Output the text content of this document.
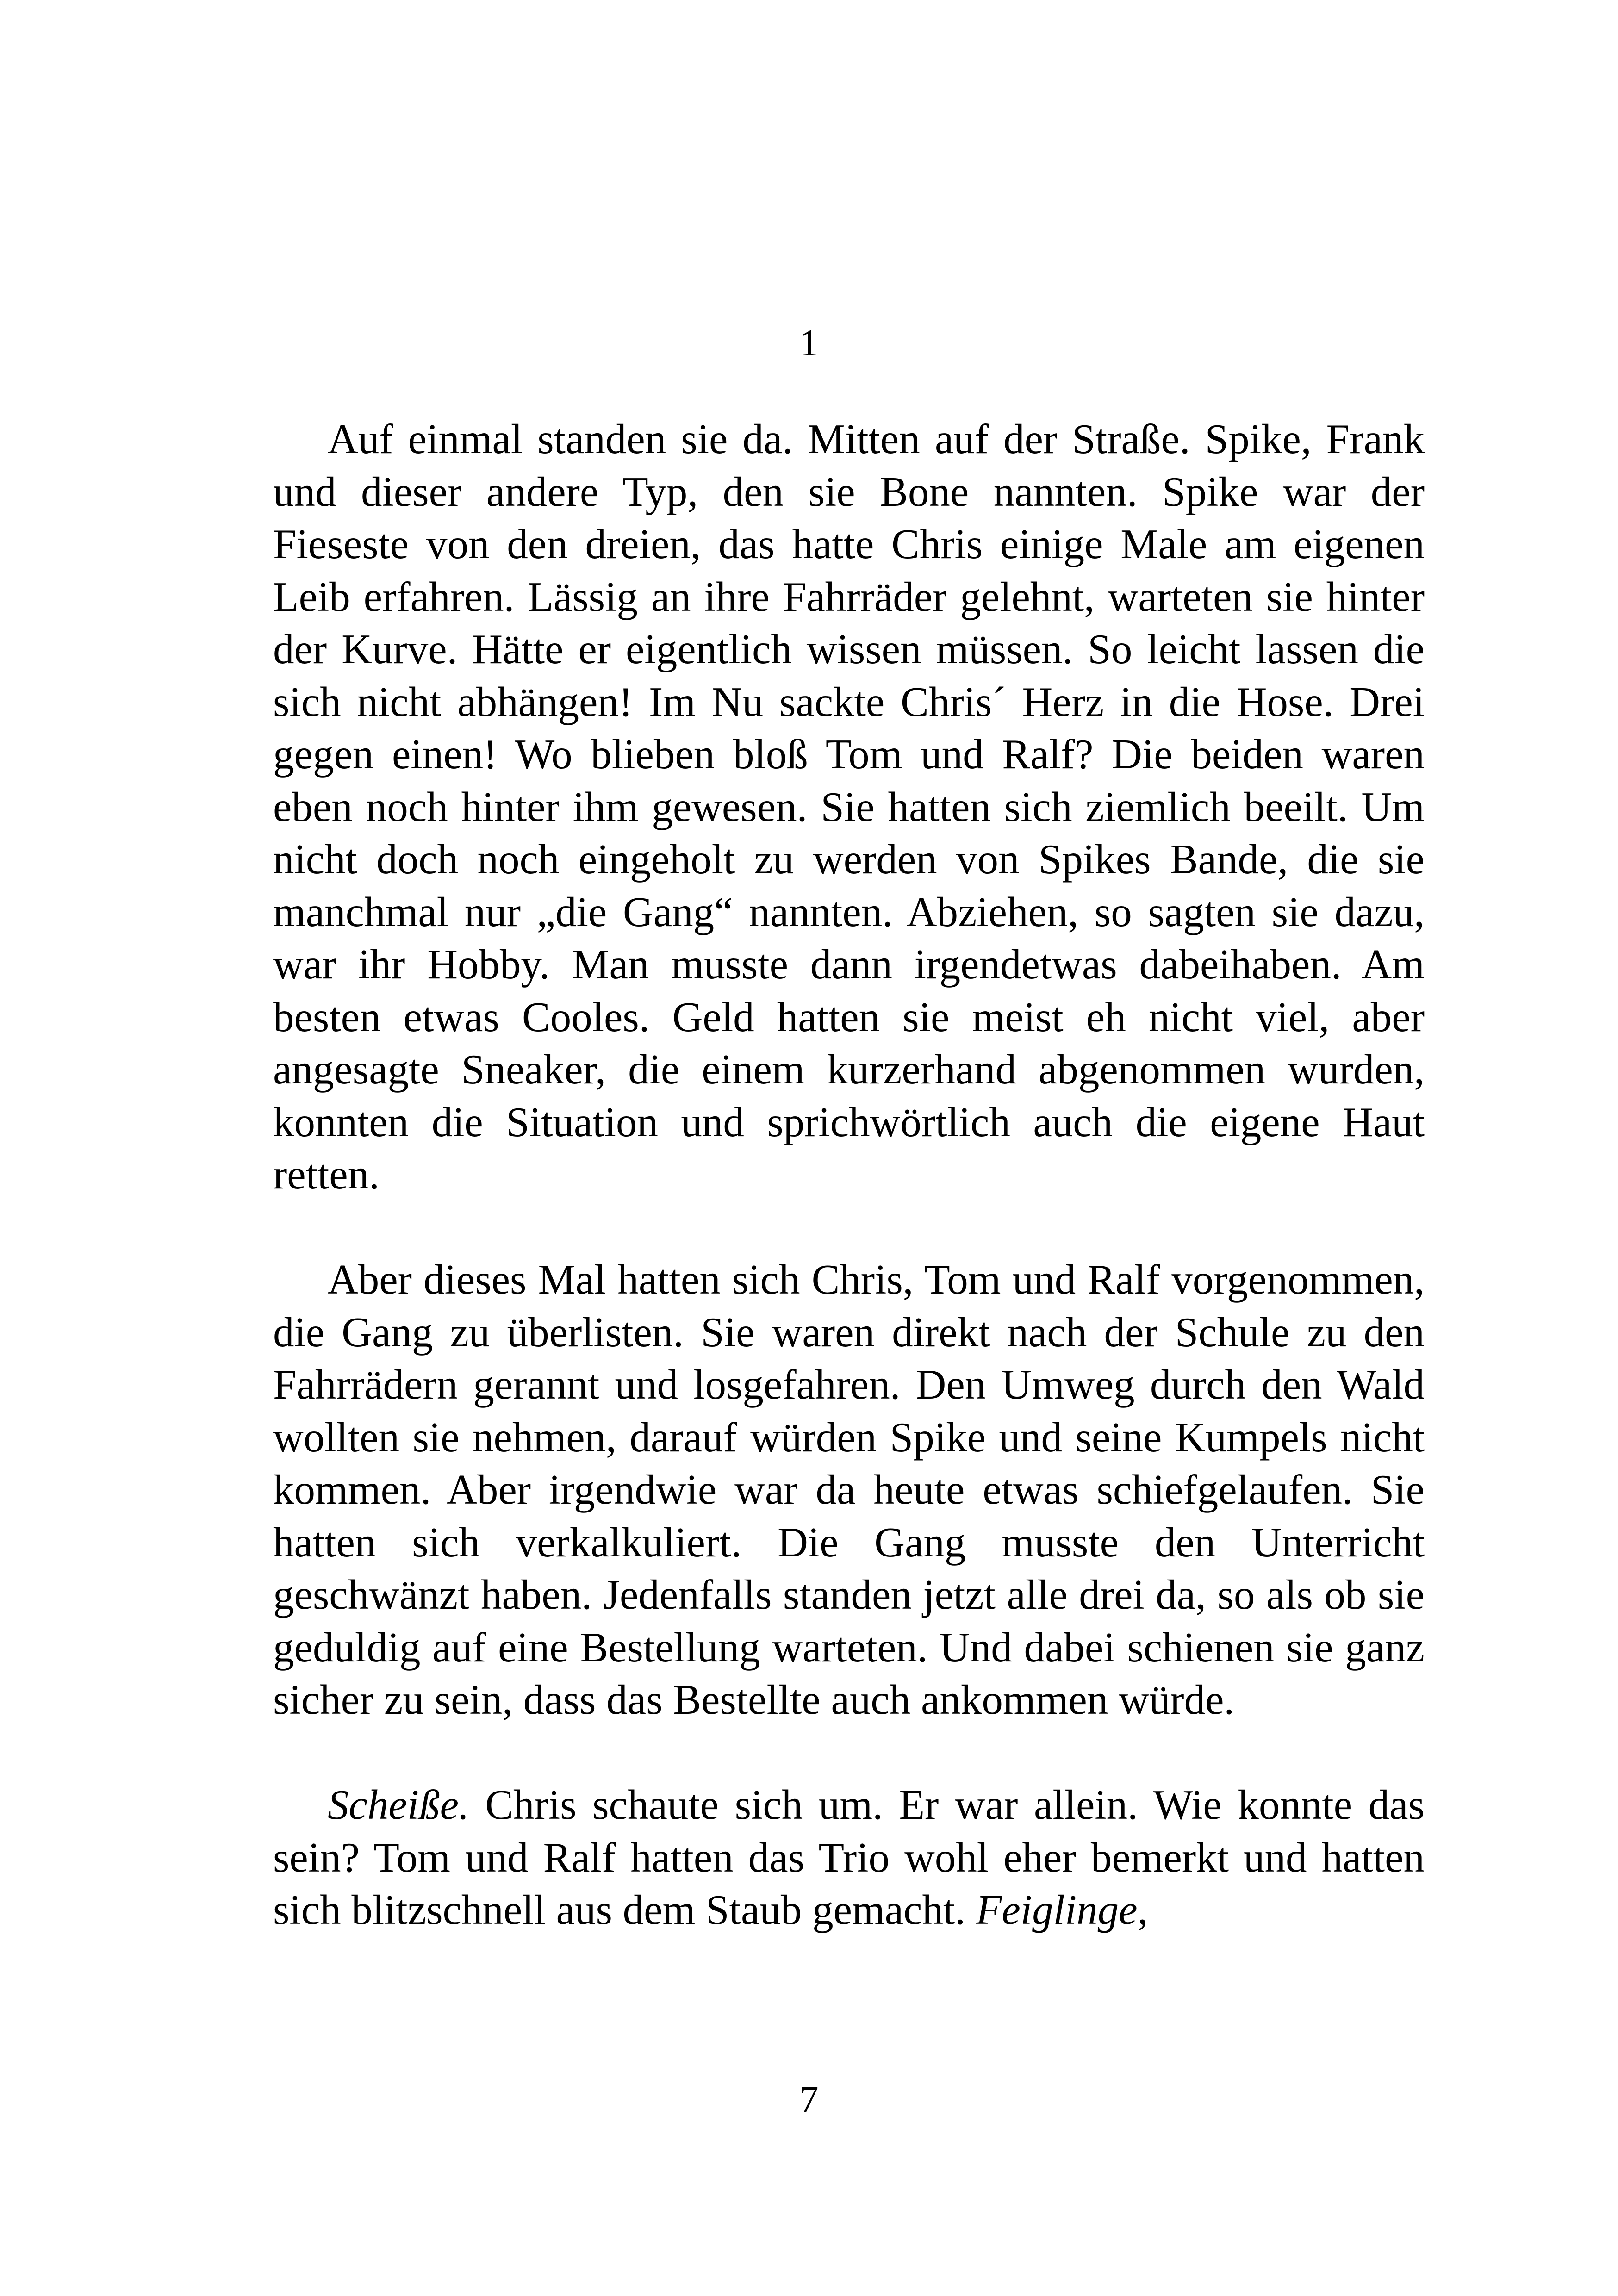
1

Auf einmal standen sie da. Mitten auf der Straße. Spike, Frank und dieser andere Typ, den sie Bone nannten. Spike war der Fieseste von den dreien, das hatte Chris einige Male am eigenen Leib erfahren. Lässig an ihre Fahrräder gelehnt, warteten sie hinter der Kurve. Hätte er eigentlich wissen müssen. So leicht lassen die sich nicht abhängen! Im Nu sackte Chris´ Herz in die Hose. Drei gegen einen! Wo blieben bloß Tom und Ralf? Die beiden waren eben noch hinter ihm gewesen. Sie hatten sich ziemlich beeilt. Um nicht doch noch eingeholt zu werden von Spikes Bande, die sie manchmal nur „die Gang“ nannten. Abziehen, so sagten sie dazu, war ihr Hobby. Man musste dann irgendetwas dabeihaben. Am besten etwas Cooles. Geld hatten sie meist eh nicht viel, aber angesagte Sneaker, die einem kurzerhand abgenommen wurden, konnten die Situation und sprichwörtlich auch die eigene Haut retten.

Aber dieses Mal hatten sich Chris, Tom und Ralf vorgenommen, die Gang zu überlisten. Sie waren direkt nach der Schule zu den Fahrrädern gerannt und losgefahren. Den Umweg durch den Wald wollten sie nehmen, darauf würden Spike und seine Kumpels nicht kommen. Aber irgendwie war da heute etwas schiefgelaufen. Sie hatten sich verkalkuliert. Die Gang musste den Unterricht geschwänzt haben. Jedenfalls standen jetzt alle drei da, so als ob sie geduldig auf eine Bestellung warteten. Und dabei schienen sie ganz sicher zu sein, dass das Bestellte auch ankommen würde.

Scheiße. Chris schaute sich um. Er war allein. Wie konnte das sein? Tom und Ralf hatten das Trio wohl eher bemerkt und hatten sich blitzschnell aus dem Staub gemacht. Feiglinge,

7
